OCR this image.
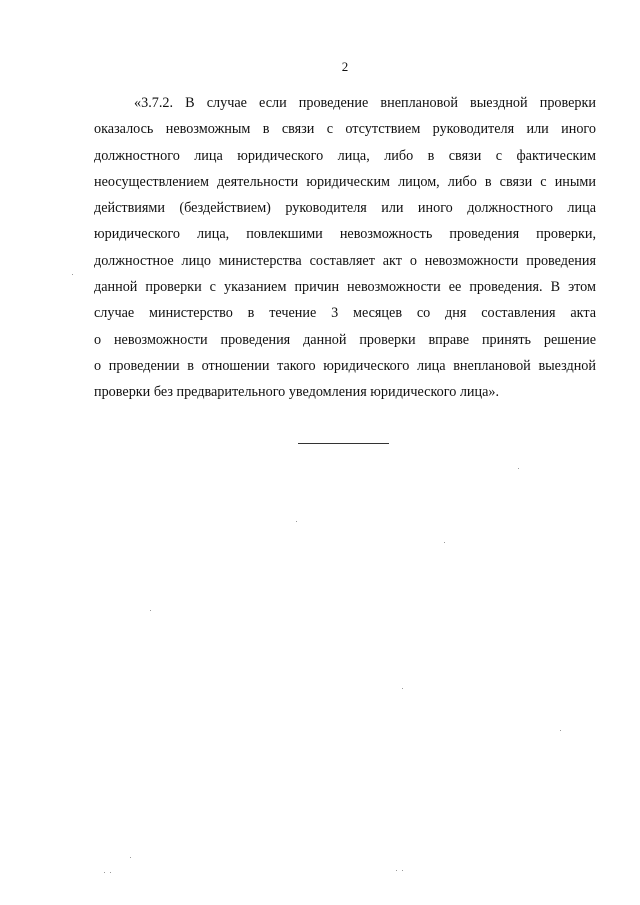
2
«3.7.2. В случае если проведение внеплановой выездной проверки
оказалось невозможным в связи с отсутствием руководителя или иного
должностного лица юридического лица, либо в связи с фактическим
неосуществлением деятельности юридическим лицом, либо в связи с иными
действиями (бездействием) руководителя или иного должностного лица
юридического лица, повлекшими невозможность проведения проверки,
должностное лицо министерства составляет акт о невозможности проведения
данной проверки с указанием причин невозможности ее проведения. В этом
случае министерство в течение 3 месяцев со дня составления акта
о невозможности проведения данной проверки вправе принять решение
о проведении в отношении такого юридического лица внеплановой выездной
проверки без предварительного уведомления юридического лица».
